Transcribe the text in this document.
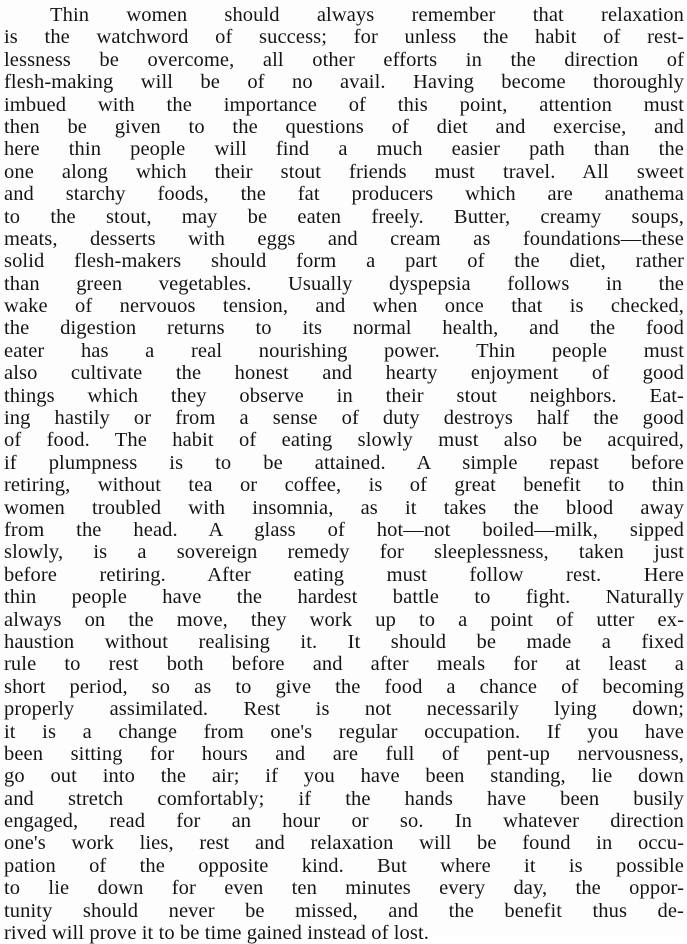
Thin women should always remember that relaxation
is the watchword of success; for unless the habit of rest-
lessness be overcome, all other efforts in the direction of
flesh-making will be of no avail. Having become thoroughly
imbued with the importance of this point, attention must
then be given to the questions of diet and exercise, and
here thin people will find a much easier path than the
one along which their stout friends must travel. All sweet
and starchy foods, the fat producers which are anathema
to the stout, may be eaten freely. Butter, creamy soups,
meats, desserts with eggs and cream as foundations—these
solid flesh-makers should form a part of the diet, rather
than green vegetables. Usually dyspepsia follows in the
wake of nervouos tension, and when once that is checked,
the digestion returns to its normal health, and the food
eater has a real nourishing power. Thin people must
also cultivate the honest and hearty enjoyment of good
things which they observe in their stout neighbors. Eat-
ing hastily or from a sense of duty destroys half the good
of food. The habit of eating slowly must also be acquired,
if plumpness is to be attained. A simple repast before
retiring, without tea or coffee, is of great benefit to thin
women troubled with insomnia, as it takes the blood away
from the head. A glass of hot—not boiled—milk, sipped
slowly, is a sovereign remedy for sleeplessness, taken just
before retiring. After eating must follow rest. Here
thin people have the hardest battle to fight. Naturally
always on the move, they work up to a point of utter ex-
haustion without realising it. It should be made a fixed
rule to rest both before and after meals for at least a
short period, so as to give the food a chance of becoming
properly assimilated. Rest is not necessarily lying down;
it is a change from one's regular occupation. If you have
been sitting for hours and are full of pent-up nervousness,
go out into the air; if you have been standing, lie down
and stretch comfortably; if the hands have been busily
engaged, read for an hour or so. In whatever direction
one's work lies, rest and relaxation will be found in occu-
pation of the opposite kind. But where it is possible
to lie down for even ten minutes every day, the oppor-
tunity should never be missed, and the benefit thus de-
rived will prove it to be time gained instead of lost.
